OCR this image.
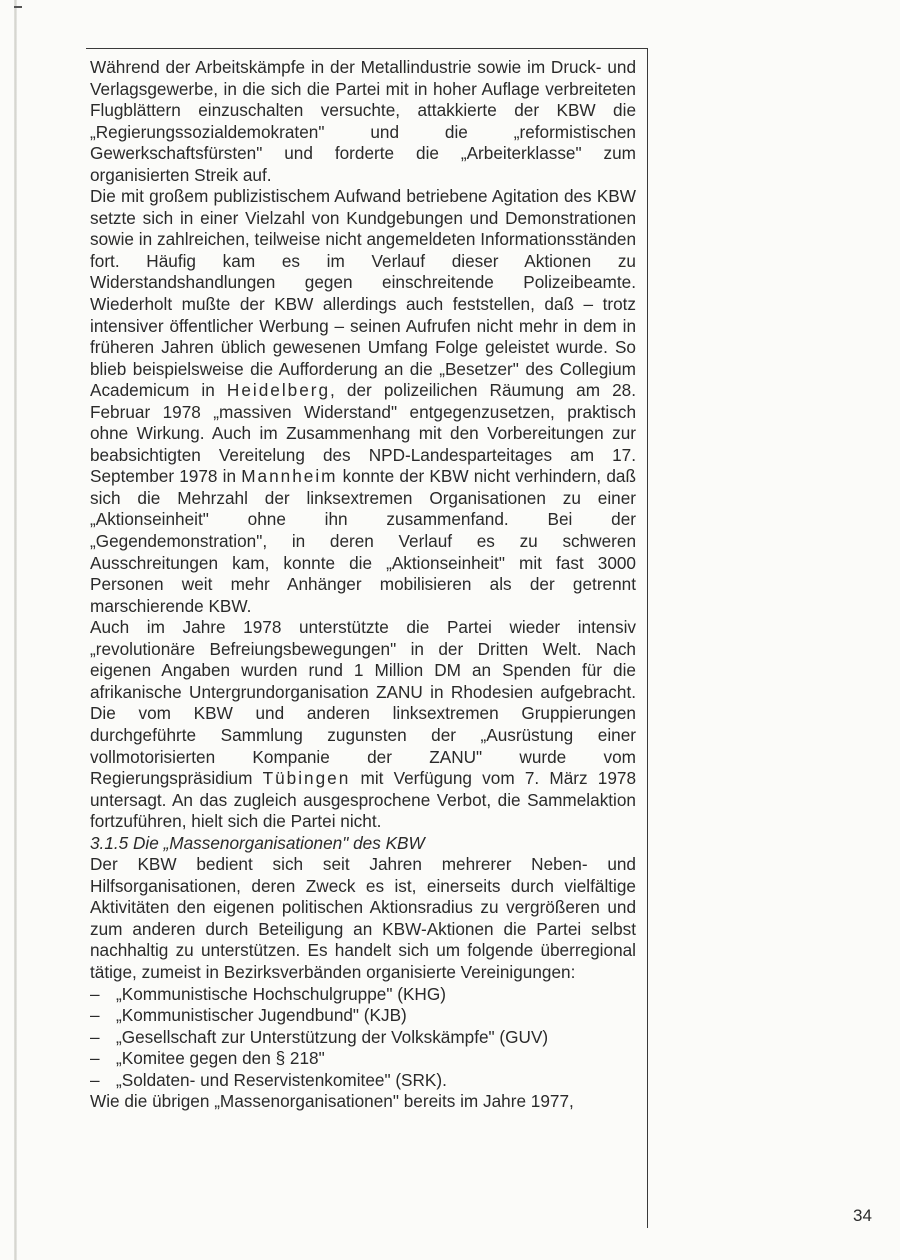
Während der Arbeitskämpfe in der Metallindustrie sowie im Druck- und Verlagsgewerbe, in die sich die Partei mit in hoher Auflage verbreiteten Flugblättern einzuschalten versuchte, attakkierte der KBW die „Regierungssozialdemokraten" und die „reformistischen Gewerkschaftsfürsten" und forderte die „Arbeiterklasse" zum organisierten Streik auf.

Die mit großem publizistischem Aufwand betriebene Agitation des KBW setzte sich in einer Vielzahl von Kundgebungen und Demonstrationen sowie in zahlreichen, teilweise nicht angemeldeten Informationsständen fort. Häufig kam es im Verlauf dieser Aktionen zu Widerstandshandlungen gegen einschreitende Polizeibeamte. Wiederholt mußte der KBW allerdings auch feststellen, daß – trotz intensiver öffentlicher Werbung – seinen Aufrufen nicht mehr in dem in früheren Jahren üblich gewesenen Umfang Folge geleistet wurde. So blieb beispielsweise die Aufforderung an die „Besetzer" des Collegium Academicum in Heidelberg, der polizeilichen Räumung am 28. Februar 1978 „massiven Widerstand" entgegenzusetzen, praktisch ohne Wirkung. Auch im Zusammenhang mit den Vorbereitungen zur beabsichtigten Vereitelung des NPD-Landesparteitages am 17. September 1978 in Mannheim konnte der KBW nicht verhindern, daß sich die Mehrzahl der linksextremen Organisationen zu einer „Aktionseinheit" ohne ihn zusammenfand. Bei der „Gegendemonstration", in deren Verlauf es zu schweren Ausschreitungen kam, konnte die „Aktionseinheit" mit fast 3000 Personen weit mehr Anhänger mobilisieren als der getrennt marschierende KBW.

Auch im Jahre 1978 unterstützte die Partei wieder intensiv „revolutionäre Befreiungsbewegungen" in der Dritten Welt. Nach eigenen Angaben wurden rund 1 Million DM an Spenden für die afrikanische Untergrundorganisation ZANU in Rhodesien aufgebracht. Die vom KBW und anderen linksextremen Gruppierungen durchgeführte Sammlung zugunsten der „Ausrüstung einer vollmotorisierten Kompanie der ZANU" wurde vom Regierungspräsidium Tübingen mit Verfügung vom 7. März 1978 untersagt. An das zugleich ausgesprochene Verbot, die Sammelaktion fortzuführen, hielt sich die Partei nicht.

3.1.5 Die „Massenorganisationen" des KBW

Der KBW bedient sich seit Jahren mehrerer Neben- und Hilfsorganisationen, deren Zweck es ist, einerseits durch vielfältige Aktivitäten den eigenen politischen Aktionsradius zu vergrößeren und zum anderen durch Beteiligung an KBW-Aktionen die Partei selbst nachhaltig zu unterstützen. Es handelt sich um folgende überregional tätige, zumeist in Bezirksverbänden organisierte Vereinigungen:

– „Kommunistische Hochschulgruppe" (KHG)
– „Kommunistischer Jugendbund" (KJB)
– „Gesellschaft zur Unterstützung der Volkskämpfe" (GUV)
– „Komitee gegen den § 218"
– „Soldaten- und Reservistenkomitee" (SRK).

Wie die übrigen „Massenorganisationen" bereits im Jahre 1977,

34
